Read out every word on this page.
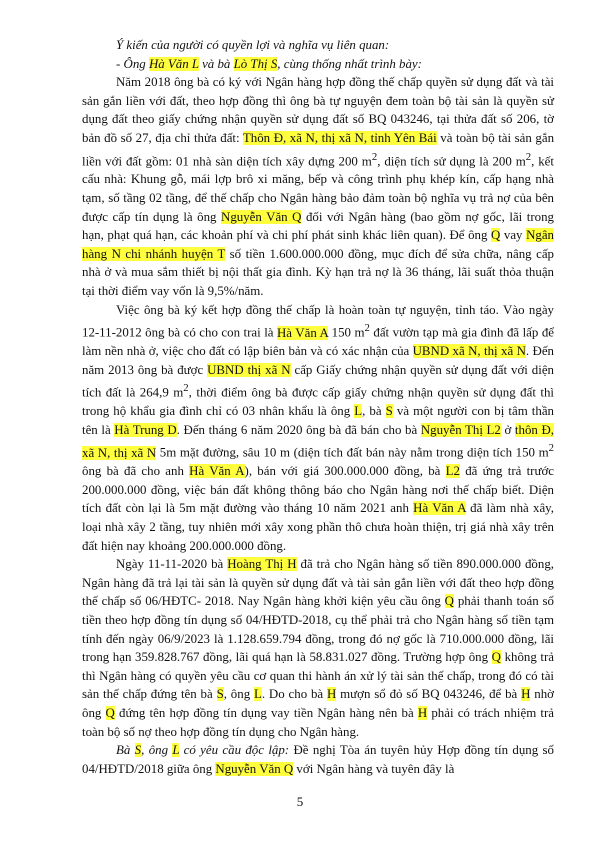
Ý kiến của người có quyền lợi và nghĩa vụ liên quan:

- Ông Hà Văn L và bà Lò Thị S, cùng thống nhất trình bày:

Năm 2018 ông bà có ký với Ngân hàng hợp đồng thế chấp quyền sử dụng đất và tài sản gắn liền với đất, theo hợp đồng thì ông bà tự nguyện đem toàn bộ tài sản là quyền sử dụng đất theo giấy chứng nhận quyền sử dụng đất số BQ 043246, tại thửa đất số 206, tờ bản đồ số 27, địa chỉ thửa đất: Thôn Đ, xã N, thị xã N, tỉnh Yên Bái và toàn bộ tài sản gắn liền với đất gồm: 01 nhà sàn diện tích xây dựng 200 $m^2$, diện tích sử dụng là 200 $m^2$, kết cấu nhà: Khung gỗ, mái lợp brô xi măng, bếp và công trình phụ khép kín, cấp hạng nhà tạm, số tầng 02 tầng, để thế chấp cho Ngân hàng bảo đảm toàn bộ nghĩa vụ trả nợ của bên được cấp tín dụng là ông Nguyễn Văn Q đối với Ngân hàng (bao gồm nợ gốc, lãi trong hạn, phạt quá hạn, các khoản phí và chi phí phát sinh khác liên quan). Để ông Q vay Ngân hàng N chi nhánh huyện T số tiền 1.600.000.000 đồng, mục đích để sửa chữa, nâng cấp nhà ở và mua sắm thiết bị nội thất gia đình. Kỳ hạn trả nợ là 36 tháng, lãi suất thỏa thuận tại thời điểm vay vốn là 9,5%/năm.

Việc ông bà ký kết hợp đồng thế chấp là hoàn toàn tự nguyện, tỉnh táo. Vào ngày 12-11-2012 ông bà có cho con trai là Hà Văn A 150 $m^2$ đất vườn tạp mà gia đình đã lấp để làm nền nhà ở, việc cho đất có lập biên bản và có xác nhận của UBND xã N, thị xã N. Đến năm 2013 ông bà được UBND thị xã N cấp Giấy chứng nhận quyền sử dụng đất với diện tích đất là 264,9 $m^2$, thời điểm ông bà được cấp giấy chứng nhận quyền sử dụng đất thì trong hộ khẩu gia đình chỉ có 03 nhân khẩu là ông L, bà S và một người con bị tâm thần tên là Hà Trung D. Đến tháng 6 năm 2020 ông bà đã bán cho bà Nguyễn Thị L2 ở thôn Đ, xã N, thị xã N 5m mặt đường, sâu 10 m (diện tích đất bán này nằm trong diện tích 150 $m^2$ ông bà đã cho anh Hà Văn A), bán với giá 300.000.000 đồng, bà L2 đã ứng trả trước 200.000.000 đồng, việc bán đất không thông báo cho Ngân hàng nơi thế chấp biết. Diện tích đất còn lại là 5m mặt đường vào tháng 10 năm 2021 anh Hà Văn A đã làm nhà xây, loại nhà xây 2 tầng, tuy nhiên mới xây xong phần thô chưa hoàn thiện, trị giá nhà xây trên đất hiện nay khoảng 200.000.000 đồng.

Ngày 11-11-2020 bà Hoàng Thị H đã trả cho Ngân hàng số tiền 890.000.000 đồng, Ngân hàng đã trả lại tài sản là quyền sử dụng đất và tài sản gắn liền với đất theo hợp đồng thế chấp số 06/HĐTC- 2018. Nay Ngân hàng khởi kiện yêu cầu ông Q phải thanh toán số tiền theo hợp đồng tín dụng số 04/HĐTD-2018, cụ thể phải trả cho Ngân hàng số tiền tạm tính đến ngày 06/9/2023 là 1.128.659.794 đồng, trong đó nợ gốc là 710.000.000 đồng, lãi trong hạn 359.828.767 đồng, lãi quá hạn là 58.831.027 đồng. Trường hợp ông Q không trả thì Ngân hàng có quyền yêu cầu cơ quan thi hành án xử lý tài sản thế chấp, trong đó có tài sản thế chấp đứng tên bà S, ông L. Do cho bà H mượn sổ đỏ số BQ 043246, để bà H nhờ ông Q đứng tên hợp đồng tín dụng vay tiền Ngân hàng nên bà H phải có trách nhiệm trả toàn bộ số nợ theo hợp đồng tín dụng cho Ngân hàng.

Bà S, ông L có yêu cầu độc lập: Đề nghị Tòa án tuyên hủy Hợp đồng tín dụng số 04/HĐTD/2018 giữa ông Nguyễn Văn Q với Ngân hàng và tuyên đây là

5
